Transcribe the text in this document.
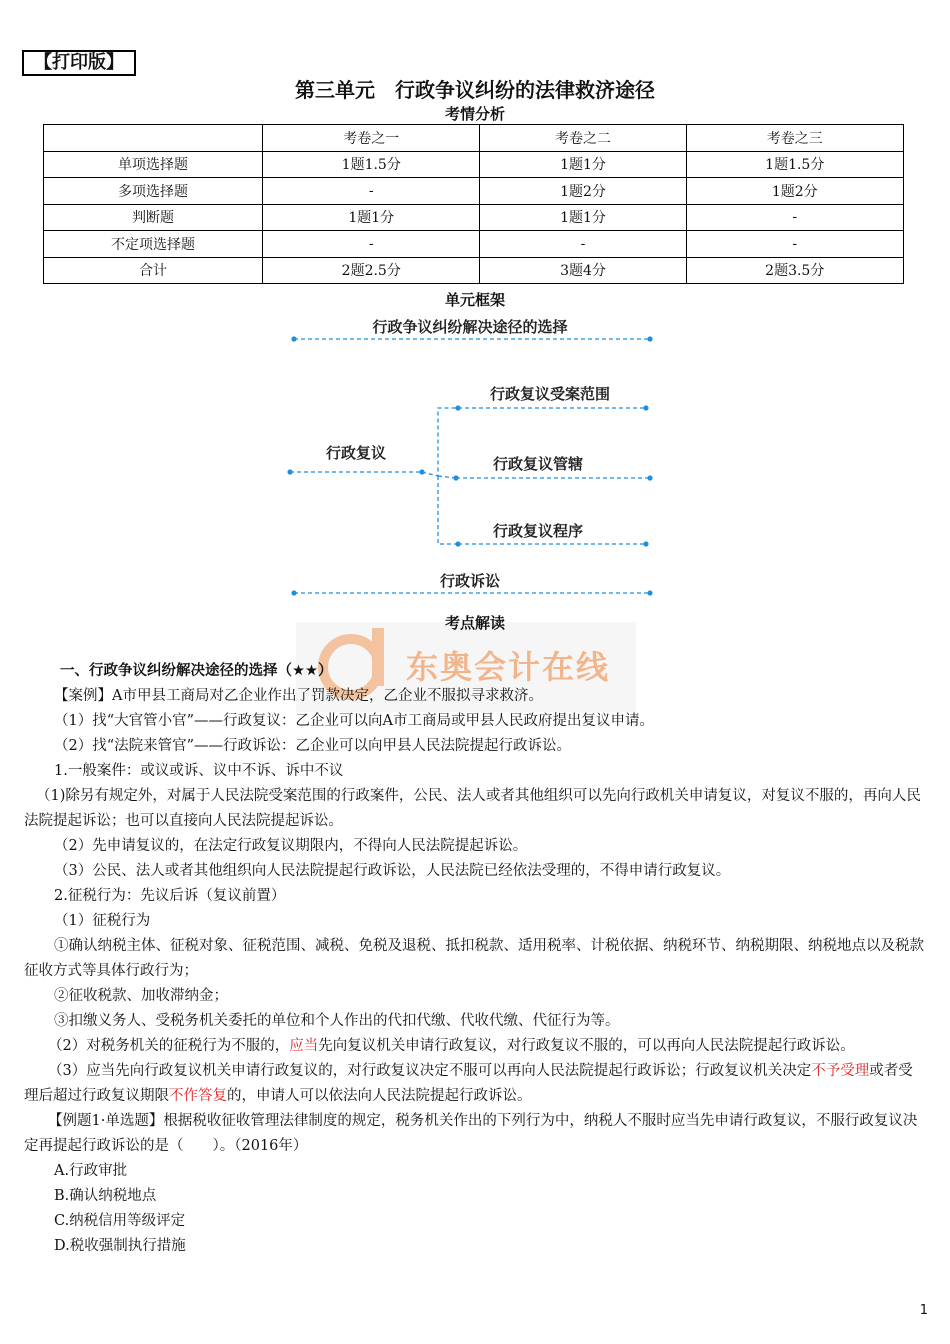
【打印版】
第三单元　行政争议纠纷的法律救济途径
考情分析
	考卷之一	考卷之二	考卷之三
单项选择题	1题1.5分	1题1分	1题1.5分
多项选择题	-	1题2分	1题2分
判断题	1题1分	1题1分	-
不定项选择题	-	-	-
合计	2题2.5分	3题4分	2题3.5分
单元框架
行政争议纠纷解决途径的选择
行政复议
行政复议受案范围
行政复议管辖
行政复议程序
行政诉讼
东奥会计在线
考点解读
一、行政争议纠纷解决途径的选择（★★）
【案例】A市甲县工商局对乙企业作出了罚款决定，乙企业不服拟寻求救济。
（1）找“大官管小官”——行政复议：乙企业可以向A市工商局或甲县人民政府提出复议申请。
（2）找“法院来管官”——行政诉讼：乙企业可以向甲县人民法院提起行政诉讼。
1.一般案件：或议或诉、议中不诉、诉中不议
（1)除另有规定外，对属于人民法院受案范围的行政案件，公民、法人或者其他组织可以先向行政机关申请复议，对复议不服的，再向人民法院提起诉讼；也可以直接向人民法院提起诉讼。
（2）先申请复议的，在法定行政复议期限内，不得向人民法院提起诉讼。
（3）公民、法人或者其他组织向人民法院提起行政诉讼，人民法院已经依法受理的，不得申请行政复议。
2.征税行为：先议后诉（复议前置）
（1）征税行为
①确认纳税主体、征税对象、征税范围、减税、免税及退税、抵扣税款、适用税率、计税依据、纳税环节、纳税期限、纳税地点以及税款征收方式等具体行政行为；
②征收税款、加收滞纳金；
③扣缴义务人、受税务机关委托的单位和个人作出的代扣代缴、代收代缴、代征行为等。
（2）对税务机关的征税行为不服的，应当先向复议机关申请行政复议，对行政复议不服的，可以再向人民法院提起行政诉讼。
（3）应当先向行政复议机关申请行政复议的，对行政复议决定不服可以再向人民法院提起行政诉讼；行政复议机关决定不予受理或者受理后超过行政复议期限不作答复的，申请人可以依法向人民法院提起行政诉讼。
【例题1·单选题】根据税收征收管理法律制度的规定，税务机关作出的下列行为中，纳税人不服时应当先申请行政复议，不服行政复议决定再提起行政诉讼的是（　　）。（2016年）
A.行政审批
B.确认纳税地点
C.纳税信用等级评定
D.税收强制执行措施
1
